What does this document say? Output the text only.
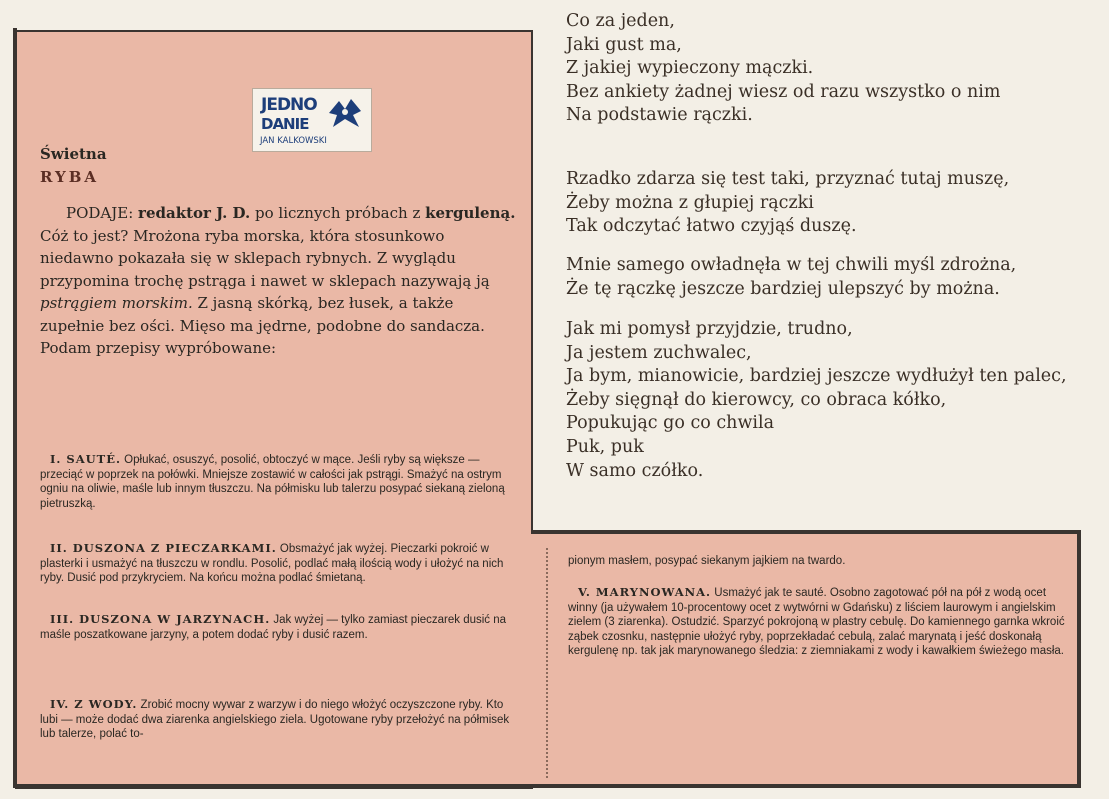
JEDNO
DANIE
JAN KALKOWSKI
Świetna
RYBA
PODAJE: redaktor J. D. po licznych próbach z kerguleną. Cóż to jest? Mrożona ryba morska, która stosunkowo niedawno pokazała się w sklepach rybnych. Z wyglądu przypomina trochę pstrąga i nawet w sklepach nazywają ją pstrągiem morskim. Z jasną skórką, bez łusek, a także zupełnie bez ości. Mięso ma jędrne, podobne do sandacza. Podam przepisy wypróbowane:
I. SAUTÉ. Opłukać, osuszyć, posolić, obtoczyć w mące. Jeśli ryby są większe — przeciąć w poprzek na połówki. Mniejsze zostawić w całości jak pstrągi. Smażyć na ostrym ogniu na oliwie, maśle lub innym tłuszczu. Na półmisku lub talerzu posypać siekaną zieloną pietruszką.
II. DUSZONA Z PIECZARKAMI. Obsmażyć jak wyżej. Pieczarki pokroić w plasterki i usmażyć na tłuszczu w rondlu. Posolić, podlać małą ilością wody i ułożyć na nich ryby. Dusić pod przykryciem. Na końcu można podlać śmietaną.
III. DUSZONA W JARZYNACH. Jak wyżej — tylko zamiast pieczarek dusić na maśle poszatkowane jarzyny, a potem dodać ryby i dusić razem.
IV. Z WODY. Zrobić mocny wywar z warzyw i do niego włożyć oczyszczone ryby. Kto lubi — może dodać dwa ziarenka angielskiego ziela. Ugotowane ryby przełożyć na półmisek lub talerze, polać to-
pionym masłem, posypać siekanym jajkiem na twardo.
V. MARYNOWANA. Usmażyć jak te sauté. Osobno zagotować pół na pół z wodą ocet winny (ja używałem 10-procentowy ocet z wytwórni w Gdańsku) z liściem laurowym i angielskim zielem (3 ziarenka). Ostudzić. Sparzyć pokrojoną w plastry cebulę. Do kamiennego garnka wkroić ząbek czosnku, następnie ułożyć ryby, poprzekładać cebulą, zalać marynatą i jeść doskonałą kergulenę np. tak jak marynowanego śledzia: z ziemniakami z wody i kawałkiem świeżego masła.
Co za jeden,
Jaki gust ma,
Z jakiej wypieczony mączki.
Bez ankiety żadnej wiesz od razu wszystko o nim
Na podstawie rączki.
Rzadko zdarza się test taki, przyznać tutaj muszę,
Żeby można z głupiej rączki
Tak odczytać łatwo czyjąś duszę.
Mnie samego owładnęła w tej chwili myśl zdrożna,
Że tę rączkę jeszcze bardziej ulepszyć by można.
Jak mi pomysł przyjdzie, trudno,
Ja jestem zuchwalec,
Ja bym, mianowicie, bardziej jeszcze wydłużył ten palec,
Żeby sięgnął do kierowcy, co obraca kółko,
Popukując go co chwila
Puk, puk
W samo czółko.
